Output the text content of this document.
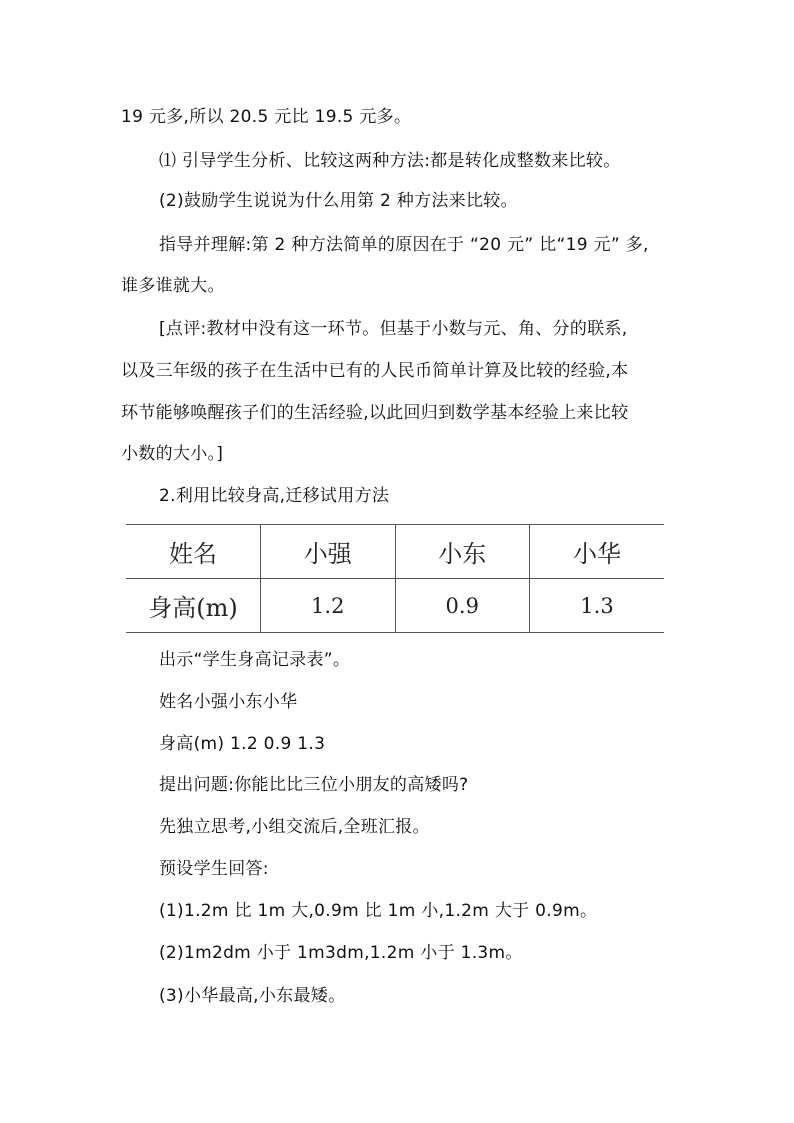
19 元多,所以 20.5 元比 19.5 元多。
⑴ 引导学生分析、比较这两种方法:都是转化成整数来比较。
(2)鼓励学生说说为什么用第 2 种方法来比较。
指导并理解:第 2 种方法简单的原因在于 “20 元” 比“19 元” 多,
谁多谁就大。
[点评:教材中没有这一环节。但基于小数与元、角、分的联系,
以及三年级的孩子在生活中已有的人民币简单计算及比较的经验,本
环节能够唤醒孩子们的生活经验,以此回归到数学基本经验上来比较
小数的大小。]
2.利用比较身高,迁移试用方法
姓名	小强	小东	小华
身高(m)	1.2	0.9	1.3
出示“学生身高记录表”。
姓名小强小东小华
身高(m) 1.2 0.9 1.3
提出问题:你能比比三位小朋友的高矮吗?
先独立思考,小组交流后,全班汇报。
预设学生回答:
(1)1.2m 比 1m 大,0.9m 比 1m 小,1.2m 大于 0.9m。
(2)1m2dm 小于 1m3dm,1.2m 小于 1.3m。
(3)小华最高,小东最矮。
